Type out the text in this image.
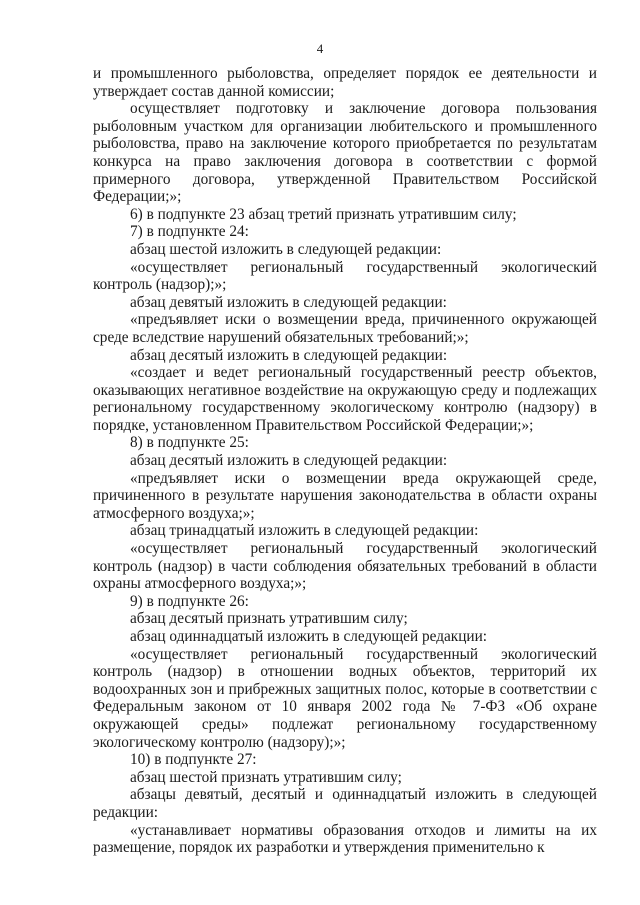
4

и промышленного рыболовства, определяет порядок ее деятельности и утверждает состав данной комиссии;

осуществляет подготовку и заключение договора пользования рыболовным участком для организации любительского и промышленного рыболовства, право на заключение которого приобретается по результатам конкурса на право заключения договора в соответствии с формой примерного договора, утвержденной Правительством Российской Федерации;»;

6) в подпункте 23 абзац третий признать утратившим силу;

7) в подпункте 24:

абзац шестой изложить в следующей редакции:

«осуществляет региональный государственный экологический контроль (надзор);»;

абзац девятый изложить в следующей редакции:

«предъявляет иски о возмещении вреда, причиненного окружающей среде вследствие нарушений обязательных требований;»;

абзац десятый изложить в следующей редакции:

«создает и ведет региональный государственный реестр объектов, оказывающих негативное воздействие на окружающую среду и подлежащих региональному государственному экологическому контролю (надзору) в порядке, установленном Правительством Российской Федерации;»;

8) в подпункте 25:

абзац десятый изложить в следующей редакции:

«предъявляет иски о возмещении вреда окружающей среде, причиненного в результате нарушения законодательства в области охраны атмосферного воздуха;»;

абзац тринадцатый изложить в следующей редакции:

«осуществляет региональный государственный экологический контроль (надзор) в части соблюдения обязательных требований в области охраны атмосферного воздуха;»;

9) в подпункте 26:

абзац десятый признать утратившим силу;

абзац одиннадцатый изложить в следующей редакции:

«осуществляет региональный государственный экологический контроль (надзор) в отношении водных объектов, территорий их водоохранных зон и прибрежных защитных полос, которые в соответствии с Федеральным законом от 10 января 2002 года № 7-ФЗ «Об охране окружающей среды» подлежат региональному государственному экологическому контролю (надзору);»;

10) в подпункте 27:

абзац шестой признать утратившим силу;

абзацы девятый, десятый и одиннадцатый изложить в следующей редакции:

«устанавливает нормативы образования отходов и лимиты на их размещение, порядок их разработки и утверждения применительно к
